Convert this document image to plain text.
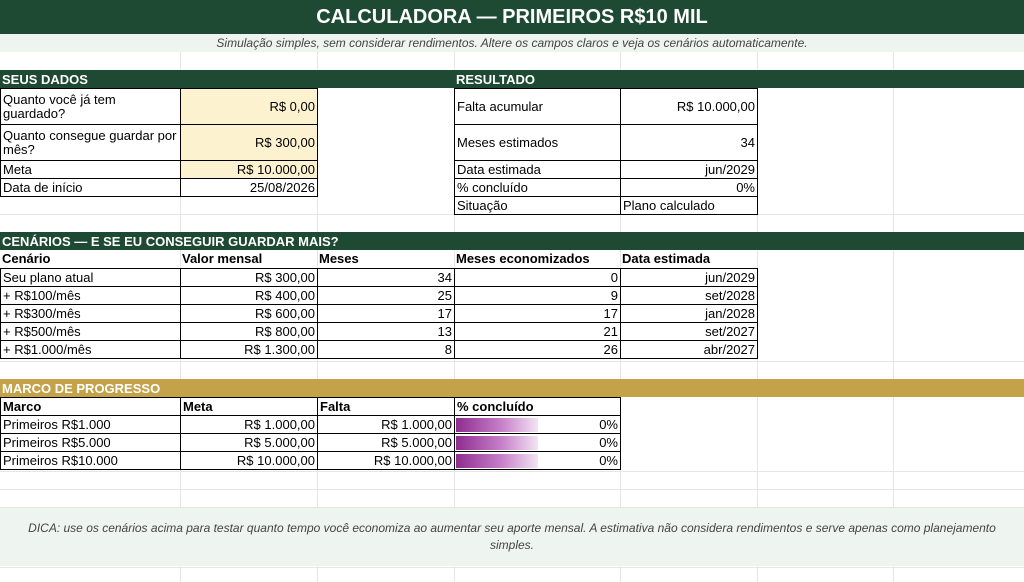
CALCULADORA — PRIMEIROS R$10 MIL
Simulação simples, sem considerar rendimentos. Altere os campos claros e veja os cenários automaticamente.
SEUS DADOS	RESULTADO
Quanto você já tem guardado?	R$ 0,00
Quanto consegue guardar por mês?	R$ 300,00
Meta	R$ 10.000,00
Data de início	25/08/2026
Falta acumular	R$ 10.000,00
Meses estimados	34
Data estimada	jun/2029
% concluído	0%
Situação	Plano calculado
CENÁRIOS — E SE EU CONSEGUIR GUARDAR MAIS?
Cenário	Valor mensal	Meses	Meses economizados	Data estimada
Seu plano atual	R$ 300,00	34	0	jun/2029
+ R$100/mês	R$ 400,00	25	9	set/2028
+ R$300/mês	R$ 600,00	17	17	jan/2028
+ R$500/mês	R$ 800,00	13	21	set/2027
+ R$1.000/mês	R$ 1.300,00	8	26	abr/2027
MARCO DE PROGRESSO
Marco	Meta	Falta	% concluído
Primeiros R$1.000	R$ 1.000,00	R$ 1.000,00	0%
Primeiros R$5.000	R$ 5.000,00	R$ 5.000,00	0%
Primeiros R$10.000	R$ 10.000,00	R$ 10.000,00	0%
DICA: use os cenários acima para testar quanto tempo você economiza ao aumentar seu aporte mensal. A estimativa não considera rendimentos e serve apenas como planejamento simples.
